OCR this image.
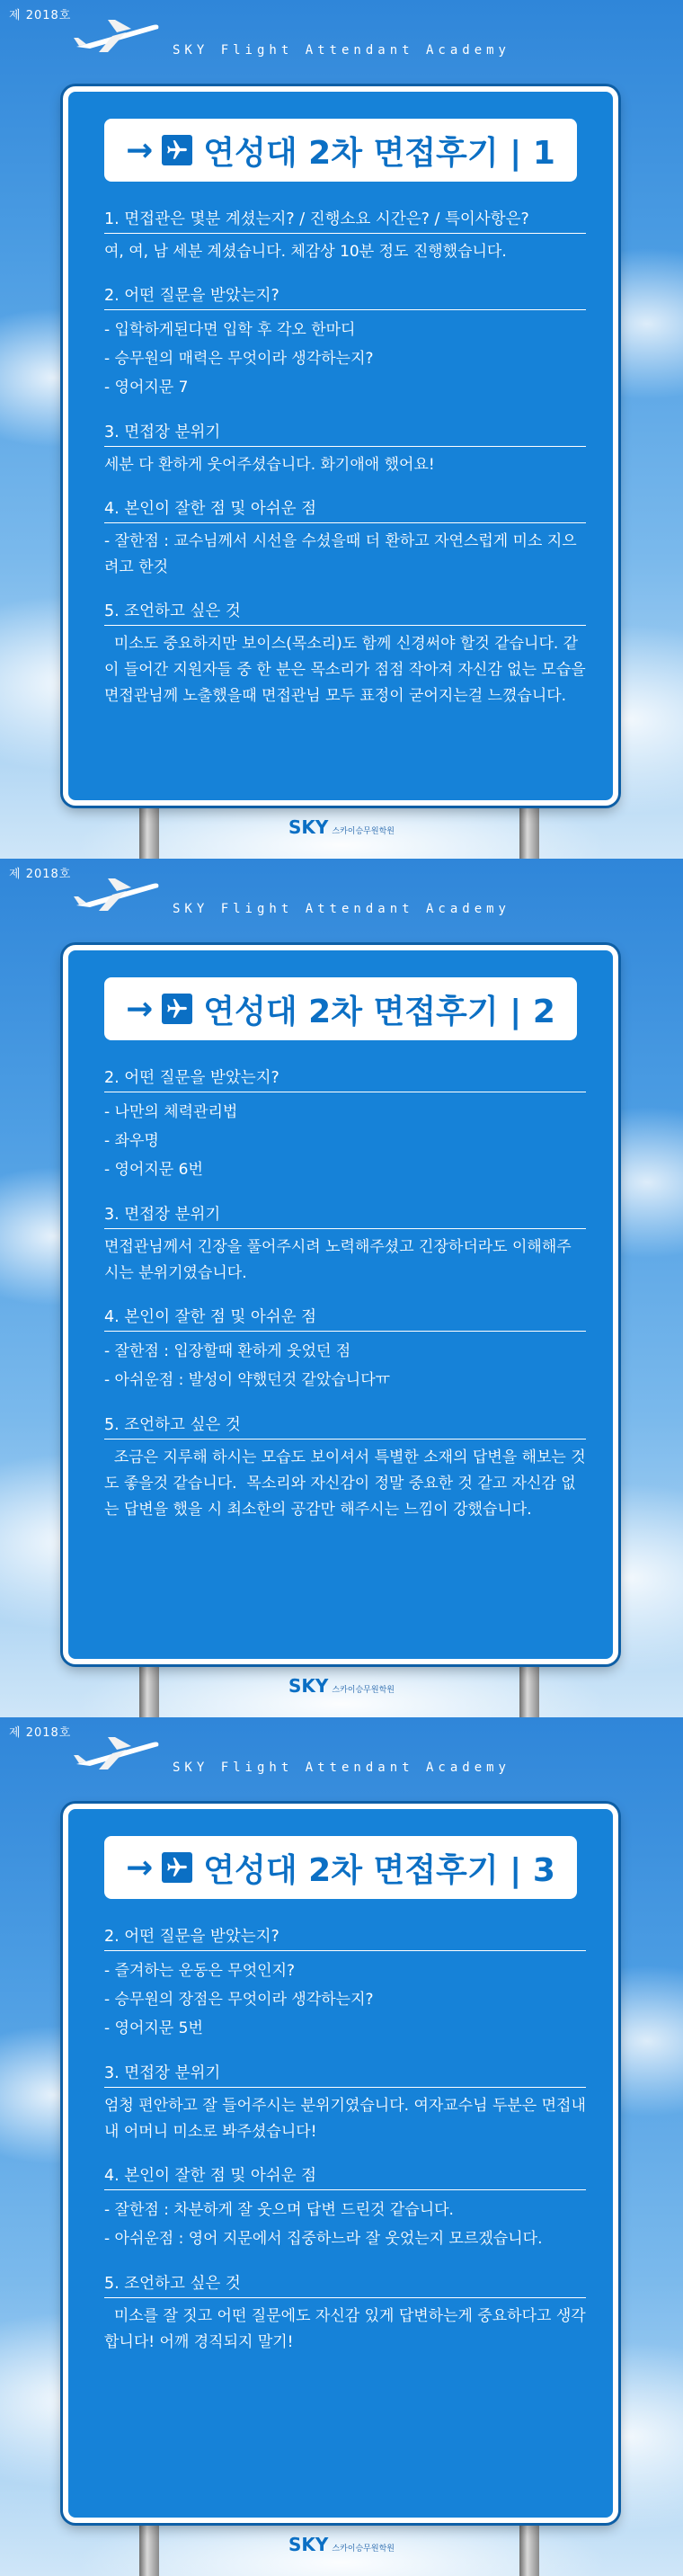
제 2018호
SKY Flight Attendant Academy
→ 연성대 2차 면접후기 | 1
1. 면접관은 몇분 계셨는지? / 진행소요 시간은? / 특이사항은?
여, 여, 남 세분 계셨습니다. 체감상 10분 정도 진행했습니다.
2. 어떤 질문을 받았는지?
- 입학하게된다면 입학 후 각오 한마디
- 승무원의 매력은 무엇이라 생각하는지?
- 영어지문 7
3. 면접장 분위기
세분 다 환하게 웃어주셨습니다. 화기애애 했어요!
4. 본인이 잘한 점 및 아쉬운 점
- 잘한점 : 교수님께서 시선을 수셨을때 더 환하고 자연스럽게 미소 지으려고 한것
5. 조언하고 싶은 것
미소도 중요하지만 보이스(목소리)도 함께 신경써야 할것 같습니다. 같이 들어간 지원자들 중 한 분은 목소리가 점점 작아져 자신감 없는 모습을 면접관님께 노출했을때 면접관님 모두 표정이 굳어지는걸 느꼈습니다.
SKY 스카이승무원학원
제 2018호
SKY Flight Attendant Academy
→ 연성대 2차 면접후기 | 2
2. 어떤 질문을 받았는지?
- 나만의 체력관리법
- 좌우명
- 영어지문 6번
3. 면접장 분위기
면접관님께서 긴장을 풀어주시려 노력해주셨고 긴장하더라도 이해해주시는 분위기였습니다.
4. 본인이 잘한 점 및 아쉬운 점
- 잘한점 : 입장할때 환하게 웃었던 점
- 아쉬운점 : 발성이 약했던것 같았습니다ㅠ
5. 조언하고 싶은 것
조금은 지루해 하시는 모습도 보이셔서 특별한 소재의 답변을 해보는 것도 좋을것 같습니다.  목소리와 자신감이 정말 중요한 것 같고 자신감 없는 답변을 했을 시 최소한의 공감만 해주시는 느낌이 강했습니다.
SKY 스카이승무원학원
제 2018호
SKY Flight Attendant Academy
→ 연성대 2차 면접후기 | 3
2. 어떤 질문을 받았는지?
- 즐겨하는 운동은 무엇인지?
- 승무원의 장점은 무엇이라 생각하는지?
- 영어지문 5번
3. 면접장 분위기
엄청 편안하고 잘 들어주시는 분위기였습니다. 여자교수님 두분은 면접내내 어머니 미소로 봐주셨습니다!
4. 본인이 잘한 점 및 아쉬운 점
- 잘한점 : 차분하게 잘 웃으며 답변 드린것 같습니다.
- 아쉬운점 : 영어 지문에서 집중하느라 잘 웃었는지 모르겠습니다.
5. 조언하고 싶은 것
미소를 잘 짓고 어떤 질문에도 자신감 있게 답변하는게 중요하다고 생각합니다! 어깨 경직되지 말기!
SKY 스카이승무원학원
